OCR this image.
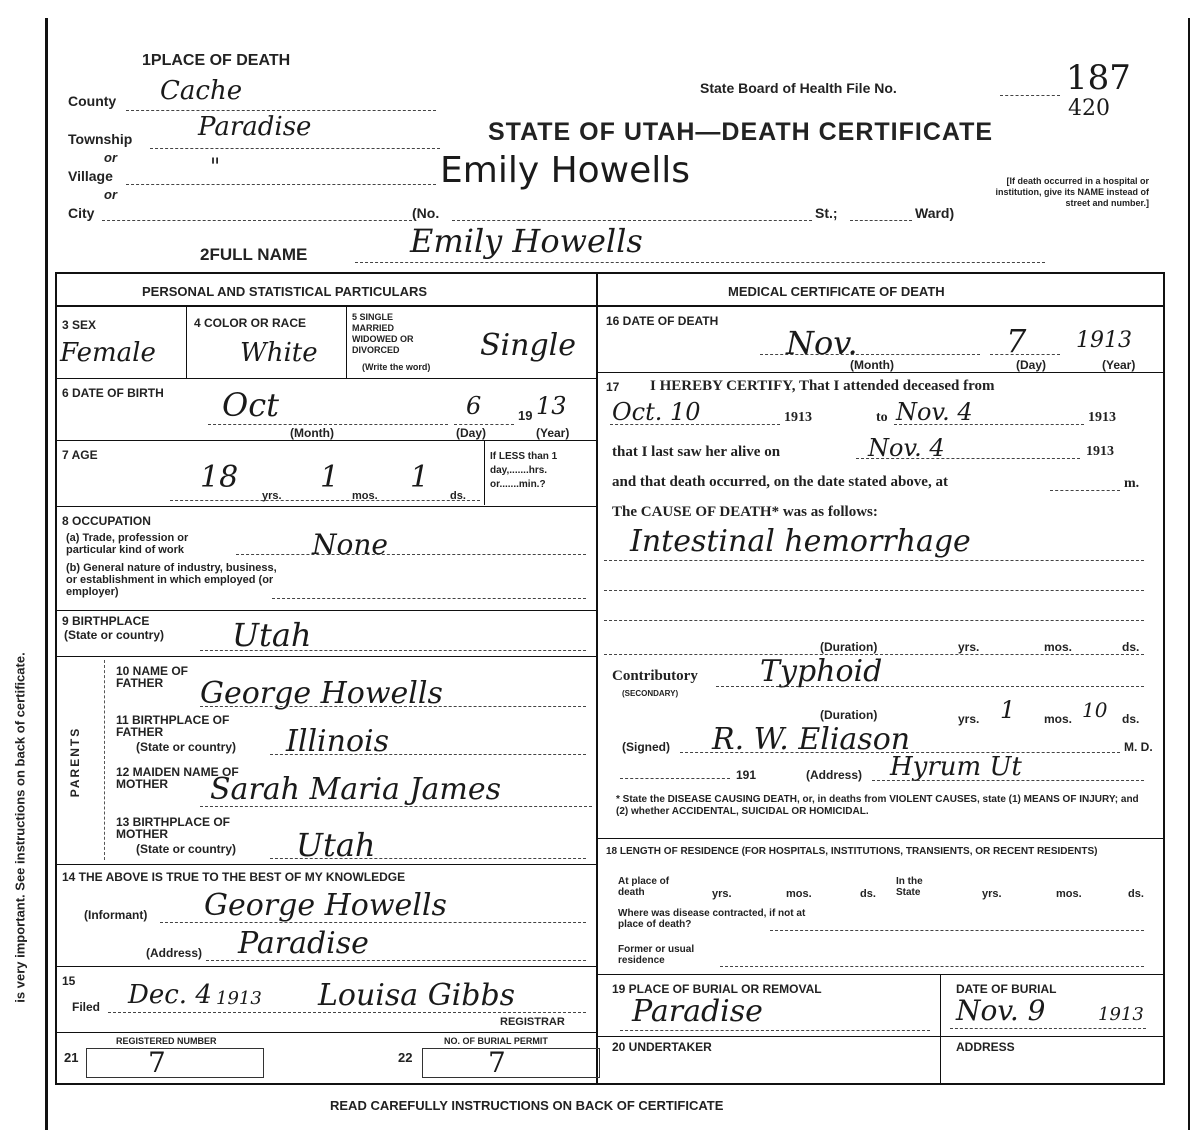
is very important. See instructions on back of certificate.
1PLACE OF DEATH
County Cache
Township	Paradise
or
Village	"
or
City	(No.	St.;	Ward)
State Board of Health File No.	187
420
STATE OF UTAH—DEATH CERTIFICATE
Emily Howells	[If death occurred in a hospital or institution, give its NAME instead of street and number.]
2FULL NAME	Emily Howells
PERSONAL AND STATISTICAL PARTICULARS
3 SEX
Female
4 COLOR OR RACE
White
5 SINGLE MARRIED WIDOWED OR DIVORCED
(Write the word)
Single
6 DATE OF BIRTH Oct	6	19 13
(Month)	(Day)	(Year)
7 AGE
18
yrs.
1
mos.
1
ds.
If LESS than 1 day,.......hrs. or.......min.?
8 OCCUPATION
(a) Trade, profession or particular kind of work	None
(b) General nature of industry, business, or establishment in which employed (or employer)
9 BIRTHPLACE
(State or country) Utah
PARENTS
10 NAME OF FATHER	George Howells
11 BIRTHPLACE OF FATHER
(State or country) Illinois
12 MAIDEN NAME OF MOTHER	Sarah Maria James
13 BIRTHPLACE OF MOTHER
(State or country) Utah
14 THE ABOVE IS TRUE TO THE BEST OF MY KNOWLEDGE
(Informant) George Howells
(Address) Paradise
15
Filed Dec. 4 1913 Louisa Gibbs
REGISTRAR
REGISTERED NUMBER
21 7
NO. OF BURIAL PERMIT
22	7
MEDICAL CERTIFICATE OF DEATH
16 DATE OF DEATH
Nov.	7 1913
(Month)	(Day)	(Year)
17 I HEREBY CERTIFY, That I attended deceased from
Oct. 10	1913	to Nov. 4	1913
that I last saw her alive on	Nov. 4	1913
and that death occurred, on the date stated above, at	m.
The CAUSE OF DEATH* was as follows:
Intestinal hemorrhage
(Duration)	yrs.	mos.	ds.
Contributory
(SECONDARY)
Typhoid
(Duration)	yrs. 1 mos. 10 ds.
(Signed) R. W. Eliason	M. D.
191	(Address) Hyrum Ut
* State the DISEASE CAUSING DEATH, or, in deaths from VIOLENT CAUSES, state (1) MEANS OF INJURY; and (2) whether ACCIDENTAL, SUICIDAL OR HOMICIDAL.
18 LENGTH OF RESIDENCE (FOR HOSPITALS, INSTITUTIONS, TRANSIENTS, OR RECENT RESIDENTS)
At place of death	yrs.	mos.	ds.
In the State	yrs.	mos.	ds.
Where was disease contracted, if not at place of death?
Former or usual residence
19 PLACE OF BURIAL OR REMOVAL
Paradise
DATE OF BURIAL
Nov. 9	1913
20 UNDERTAKER	ADDRESS
READ CAREFULLY INSTRUCTIONS ON BACK OF CERTIFICATE
